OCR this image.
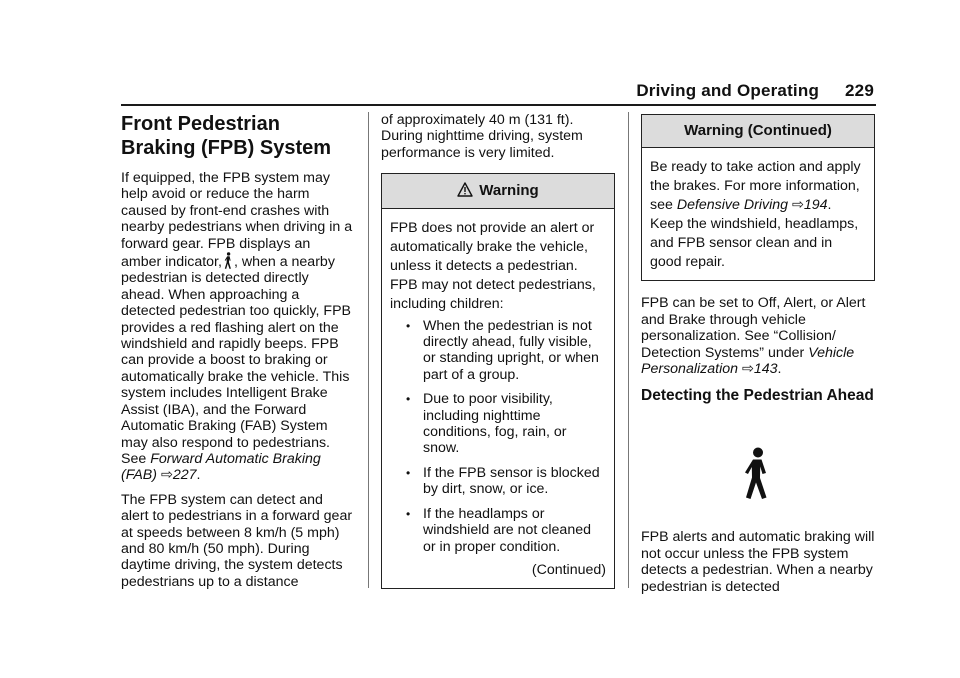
Driving and Operating 229
Front Pedestrian Braking (FPB) System

If equipped, the FPB system may help avoid or reduce the harm caused by front-end crashes with nearby pedestrians when driving in a forward gear. FPB displays an amber indicator, , when a nearby pedestrian is detected directly ahead. When approaching a detected pedestrian too quickly, FPB provides a red flashing alert on the windshield and rapidly beeps. FPB can provide a boost to braking or automatically brake the vehicle. This system includes Intelligent Brake Assist (IBA), and the Forward Automatic Braking (FAB) System may also respond to pedestrians. See Forward Automatic Braking (FAB) ⇨227.

The FPB system can detect and alert to pedestrians in a forward gear at speeds between 8 km/h (5 mph) and 80 km/h (50 mph). During daytime driving, the system detects pedestrians up to a distance

of approximately 40 m (131 ft). During nighttime driving, system performance is very limited.

Warning

FPB does not provide an alert or automatically brake the vehicle, unless it detects a pedestrian. FPB may not detect pedestrians, including children:

• When the pedestrian is not directly ahead, fully visible, or standing upright, or when part of a group.
• Due to poor visibility, including nighttime conditions, fog, rain, or snow.
• If the FPB sensor is blocked by dirt, snow, or ice.
• If the headlamps or windshield are not cleaned or in proper condition.
(Continued)
Warning (Continued)

Be ready to take action and apply the brakes. For more information, see Defensive Driving ⇨194.

Keep the windshield, headlamps, and FPB sensor clean and in good repair.

FPB can be set to Off, Alert, or Alert and Brake through vehicle personalization. See “Collision/ Detection Systems” under Vehicle Personalization ⇨143.

Detecting the Pedestrian Ahead

FPB alerts and automatic braking will not occur unless the FPB system detects a pedestrian. When a nearby pedestrian is detected
